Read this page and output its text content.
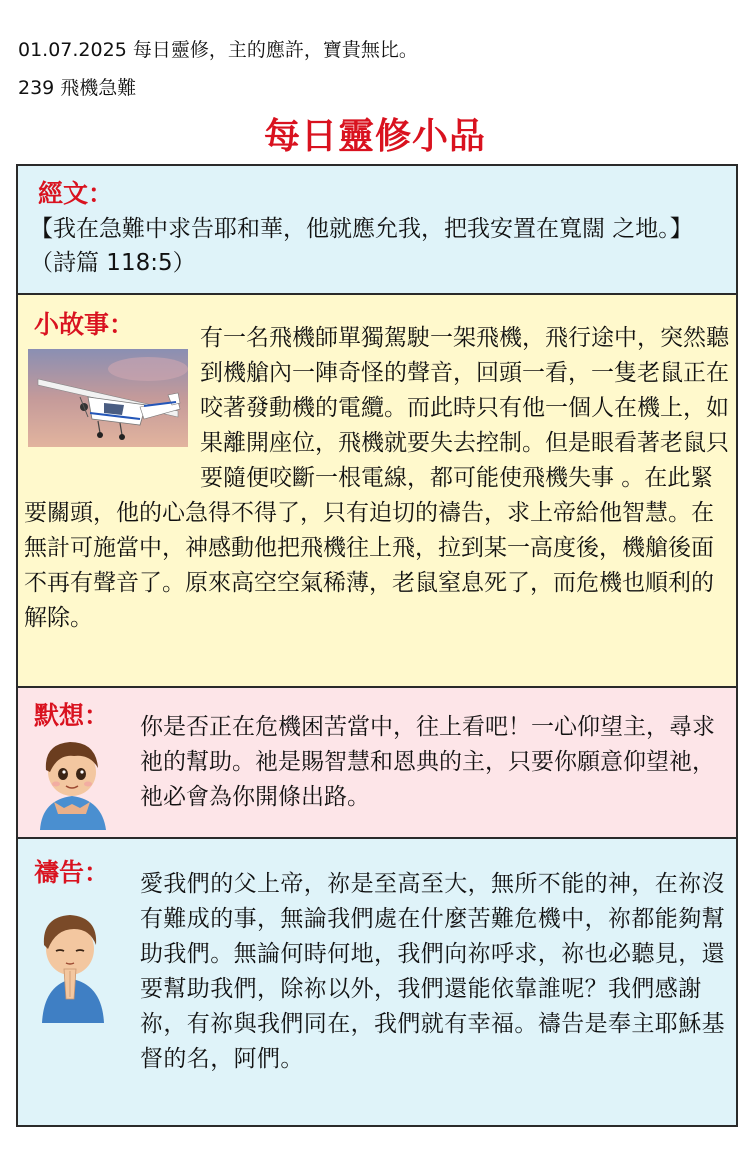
01.07.2025 每日靈修，主的應許，寶貴無比。
239 飛機急難
每日靈修小品
經文：
【我在急難中求告耶和華，他就應允我，把我安置在寬闊 之地。】（詩篇 118:5）
小故事：	有一名飛機師單獨駕駛一架飛機，飛行途中，突然聽到機艙內一陣奇怪的聲音，回頭一看，一隻老鼠正在咬著發動機的電纜。而此時只有他一個人在機上，如果離開座位，飛機就要失去控制。但是眼看著老鼠只要隨便咬斷一根電線，都可能使飛機失事 。在此緊要關頭，他的心急得不得了，只有迫切的禱告，求上帝給他智慧。在無計可施當中，神感動他把飛機往上飛，拉到某一高度後，機艙後面不再有聲音了。原來高空空氣稀薄，老鼠窒息死了，而危機也順利的解除。
默想： 你是否正在危機困苦當中，往上看吧！一心仰望主，尋求祂的幫助。祂是賜智慧和恩典的主，只要你願意仰望祂，祂必會為你開條出路。
禱告： 愛我們的父上帝，祢是至高至大，無所不能的神，在祢沒有難成的事，無論我們處在什麼苦難危機中，祢都能夠幫助我們。無論何時何地，我們向祢呼求，祢也必聽見，還要幫助我們，除祢以外，我們還能依靠誰呢？我們感謝祢，有祢與我們同在，我們就有幸福。禱告是奉主耶穌基督的名，阿們。
